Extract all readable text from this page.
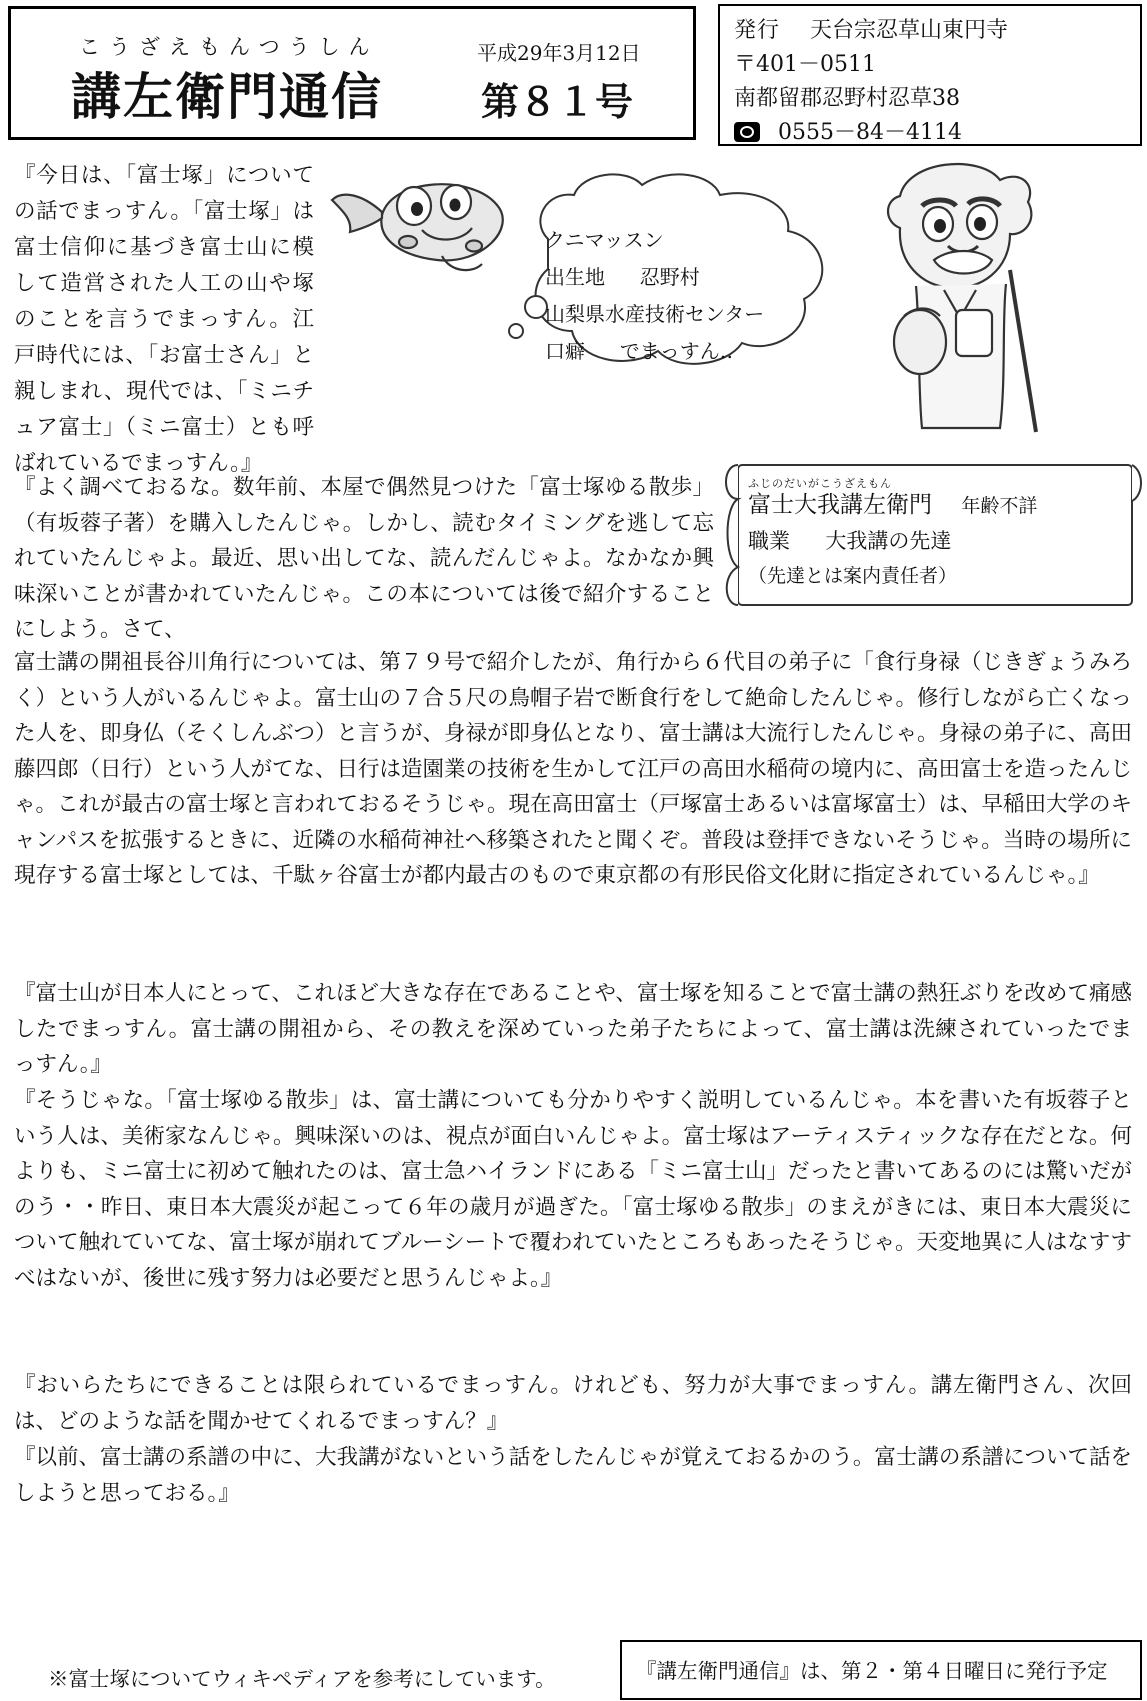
こうざえもんつうしん
講左衛門通信
平成29年3月12日
第８１号
発行 天台宗忍草山東円寺
〒401－0511
南都留郡忍野村忍草38
0555－84－4114
クニマッスン
出生地 忍野村
山梨県水産技術センター
口癖 でまっすん‥
ふじのだいがこうざえもん
富士大我講左衛門 年齢不詳
職業 大我講の先達
（先達とは案内責任者）
『今日は、「富士塚」についての話でまっすん。「富士塚」は富士信仰に基づき富士山に模して造営された人工の山や塚のことを言うでまっすん。江戸時代には、「お富士さん」と親しまれ、現代では、「ミニチュア富士」（ミニ富士）とも呼ばれているでまっすん。』
『よく調べておるな。数年前、本屋で偶然見つけた「富士塚ゆる散歩」（有坂蓉子著）を購入したんじゃ。しかし、読むタイミングを逃して忘れていたんじゃよ。最近、思い出してな、読んだんじゃよ。なかなか興味深いことが書かれていたんじゃ。この本については後で紹介することにしよう。さて、
富士講の開祖長谷川角行については、第７９号で紹介したが、角行から６代目の弟子に「食行身禄（じきぎょうみろく）という人がいるんじゃよ。富士山の７合５尺の鳥帽子岩で断食行をして絶命したんじゃ。修行しながら亡くなった人を、即身仏（そくしんぶつ）と言うが、身禄が即身仏となり、富士講は大流行したんじゃ。身禄の弟子に、高田藤四郎（日行）という人がてな、日行は造園業の技術を生かして江戸の高田水稲荷の境内に、高田富士を造ったんじゃ。これが最古の富士塚と言われておるそうじゃ。現在高田富士（戸塚富士あるいは富塚富士）は、早稲田大学のキャンパスを拡張するときに、近隣の水稲荷神社へ移築されたと聞くぞ。普段は登拝できないそうじゃ。当時の場所に現存する富士塚としては、千駄ヶ谷富士が都内最古のもので東京都の有形民俗文化財に指定されているんじゃ。』
『富士山が日本人にとって、これほど大きな存在であることや、富士塚を知ることで富士講の熱狂ぶりを改めて痛感したでまっすん。富士講の開祖から、その教えを深めていった弟子たちによって、富士講は洗練されていったでまっすん。』
『そうじゃな。「富士塚ゆる散歩」は、富士講についても分かりやすく説明しているんじゃ。本を書いた有坂蓉子という人は、美術家なんじゃ。興味深いのは、視点が面白いんじゃよ。富士塚はアーティスティックな存在だとな。何よりも、ミニ富士に初めて触れたのは、富士急ハイランドにある「ミニ富士山」だったと書いてあるのには驚いだがのう・・昨日、東日本大震災が起こって６年の歳月が過ぎた。「富士塚ゆる散歩」のまえがきには、東日本大震災について触れていてな、富士塚が崩れてブルーシートで覆われていたところもあったそうじゃ。天変地異に人はなすすべはないが、後世に残す努力は必要だと思うんじゃよ。』
『おいらたちにできることは限られているでまっすん。けれども、努力が大事でまっすん。講左衛門さん、次回は、どのような話を聞かせてくれるでまっすん？』
『以前、富士講の系譜の中に、大我講がないという話をしたんじゃが覚えておるかのう。富士講の系譜について話をしようと思っておる。』
※富士塚についてウィキペディアを参考にしています。	『講左衛門通信』は、第２・第４日曜日に発行予定
